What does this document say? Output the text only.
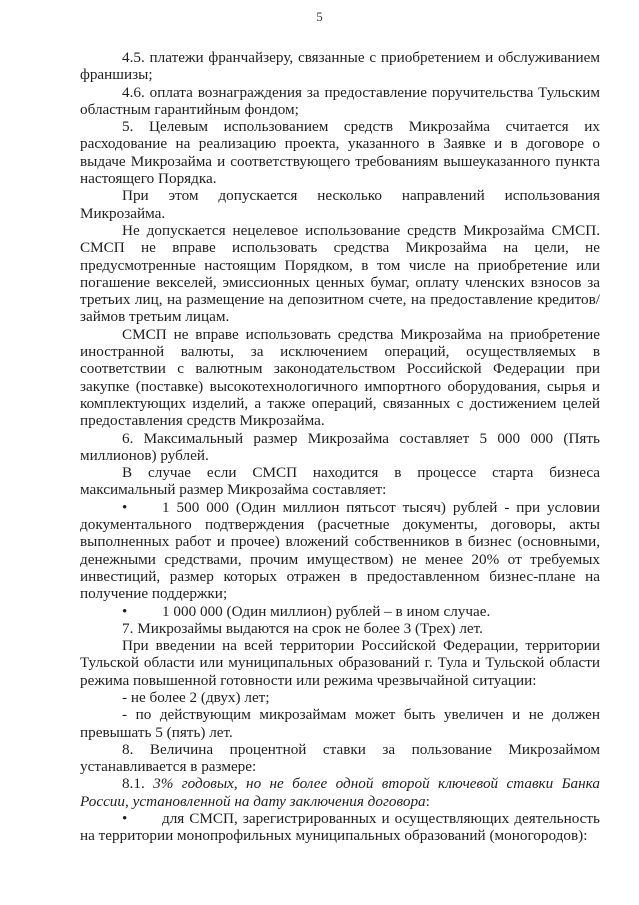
5

4.5. платежи франчайзеру, связанные с приобретением и обслуживанием франшизы;

4.6. оплата вознаграждения за предоставление поручительства Тульским областным гарантийным фондом;

5. Целевым использованием средств Микрозайма считается их расходование на реализацию проекта, указанного в Заявке и в договоре о выдаче Микрозайма и соответствующего требованиям вышеуказанного пункта настоящего Порядка.

При этом допускается несколько направлений использования Микрозайма.

Не допускается нецелевое использование средств Микрозайма СМСП. СМСП не вправе использовать средства Микрозайма на цели, не предусмотренные настоящим Порядком, в том числе на приобретение или погашение векселей, эмиссионных ценных бумаг, оплату членских взносов за третьих лиц, на размещение на депозитном счете, на предоставление кредитов/займов третьим лицам.

СМСП не вправе использовать средства Микрозайма на приобретение иностранной валюты, за исключением операций, осуществляемых в соответствии с валютным законодательством Российской Федерации при закупке (поставке) высокотехнологичного импортного оборудования, сырья и комплектующих изделий, а также операций, связанных с достижением целей предоставления средств Микрозайма.

6. Максимальный размер Микрозайма составляет 5 000 000 (Пять миллионов) рублей.

В случае если СМСП находится в процессе старта бизнеса максимальный размер Микрозайма составляет:

•1 500 000 (Один миллион пятьсот тысяч) рублей - при условии документального подтверждения (расчетные документы, договоры, акты выполненных работ и прочее) вложений собственников в бизнес (основными, денежными средствами, прочим имуществом) не менее 20% от требуемых инвестиций, размер которых отражен в предоставленном бизнес-плане на получение поддержки;

•1 000 000 (Один миллион) рублей – в ином случае.

7. Микрозаймы выдаются на срок не более 3 (Трех) лет.

При введении на всей территории Российской Федерации, территории Тульской области или муниципальных образований г. Тула и Тульской области режима повышенной готовности или режима чрезвычайной ситуации:

- не более 2 (двух) лет;

- по действующим микрозаймам может быть увеличен и не должен превышать 5 (пять) лет.

8. Величина процентной ставки за пользование Микрозаймом устанавливается в размере:

8.1. 3% годовых, но не более одной второй ключевой ставки Банка России, установленной на дату заключения договора:

•для СМСП, зарегистрированных и осуществляющих деятельность на территории монопрофильных муниципальных образований (моногородов):
